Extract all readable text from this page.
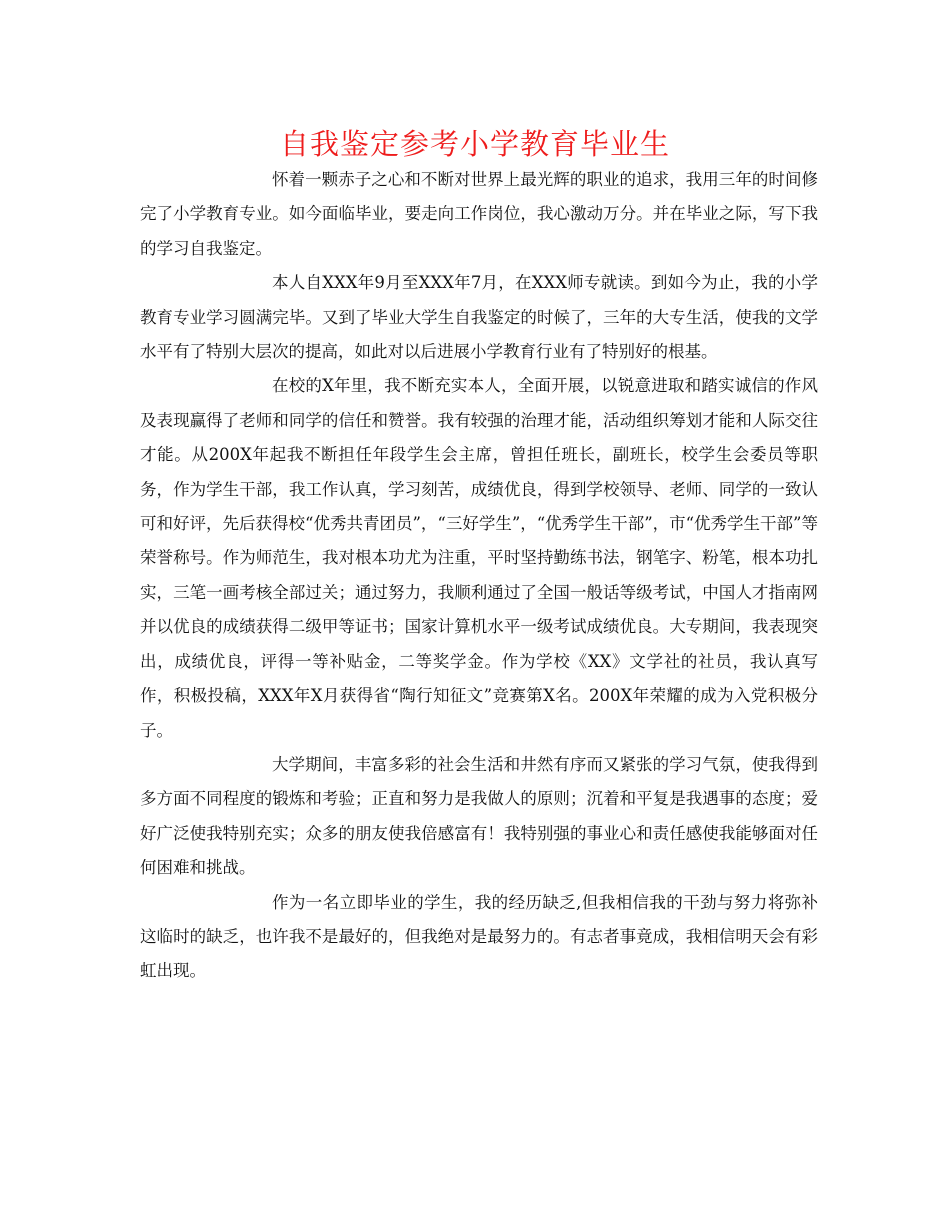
自我鉴定参考小学教育毕业生

怀着一颗赤子之心和不断对世界上最光辉的职业的追求，我用三年的时间修完了小学教育专业。如今面临毕业，要走向工作岗位，我心激动万分。并在毕业之际，写下我的学习自我鉴定。

本人自XXX年9月至XXX年7月，在XXX师专就读。到如今为止，我的小学教育专业学习圆满完毕。又到了毕业大学生自我鉴定的时候了，三年的大专生活，使我的文学水平有了特别大层次的提高，如此对以后进展小学教育行业有了特别好的根基。

在校的X年里，我不断充实本人，全面开展，以锐意进取和踏实诚信的作风及表现赢得了老师和同学的信任和赞誉。我有较强的治理才能，活动组织筹划才能和人际交往才能。从200X年起我不断担任年段学生会主席，曾担任班长，副班长，校学生会委员等职务，作为学生干部，我工作认真，学习刻苦，成绩优良，得到学校领导、老师、同学的一致认可和好评，先后获得校“优秀共青团员”，“三好学生”，“优秀学生干部”，市“优秀学生干部”等荣誉称号。作为师范生，我对根本功尤为注重，平时坚持勤练书法，钢笔字、粉笔，根本功扎实，三笔一画考核全部过关；通过努力，我顺利通过了全国一般话等级考试，中国人才指南网并以优良的成绩获得二级甲等证书；国家计算机水平一级考试成绩优良。大专期间，我表现突出，成绩优良，评得一等补贴金，二等奖学金。作为学校《XX》文学社的社员，我认真写作，积极投稿，XXX年X月获得省“陶行知征文”竞赛第X名。200X年荣耀的成为入党积极分子。

大学期间，丰富多彩的社会生活和井然有序而又紧张的学习气氛，使我得到多方面不同程度的锻炼和考验；正直和努力是我做人的原则；沉着和平复是我遇事的态度；爱好广泛使我特别充实；众多的朋友使我倍感富有！我特别强的事业心和责任感使我能够面对任何困难和挑战。

作为一名立即毕业的学生，我的经历缺乏,但我相信我的干劲与努力将弥补这临时的缺乏，也许我不是最好的，但我绝对是最努力的。有志者事竟成，我相信明天会有彩虹出现。
